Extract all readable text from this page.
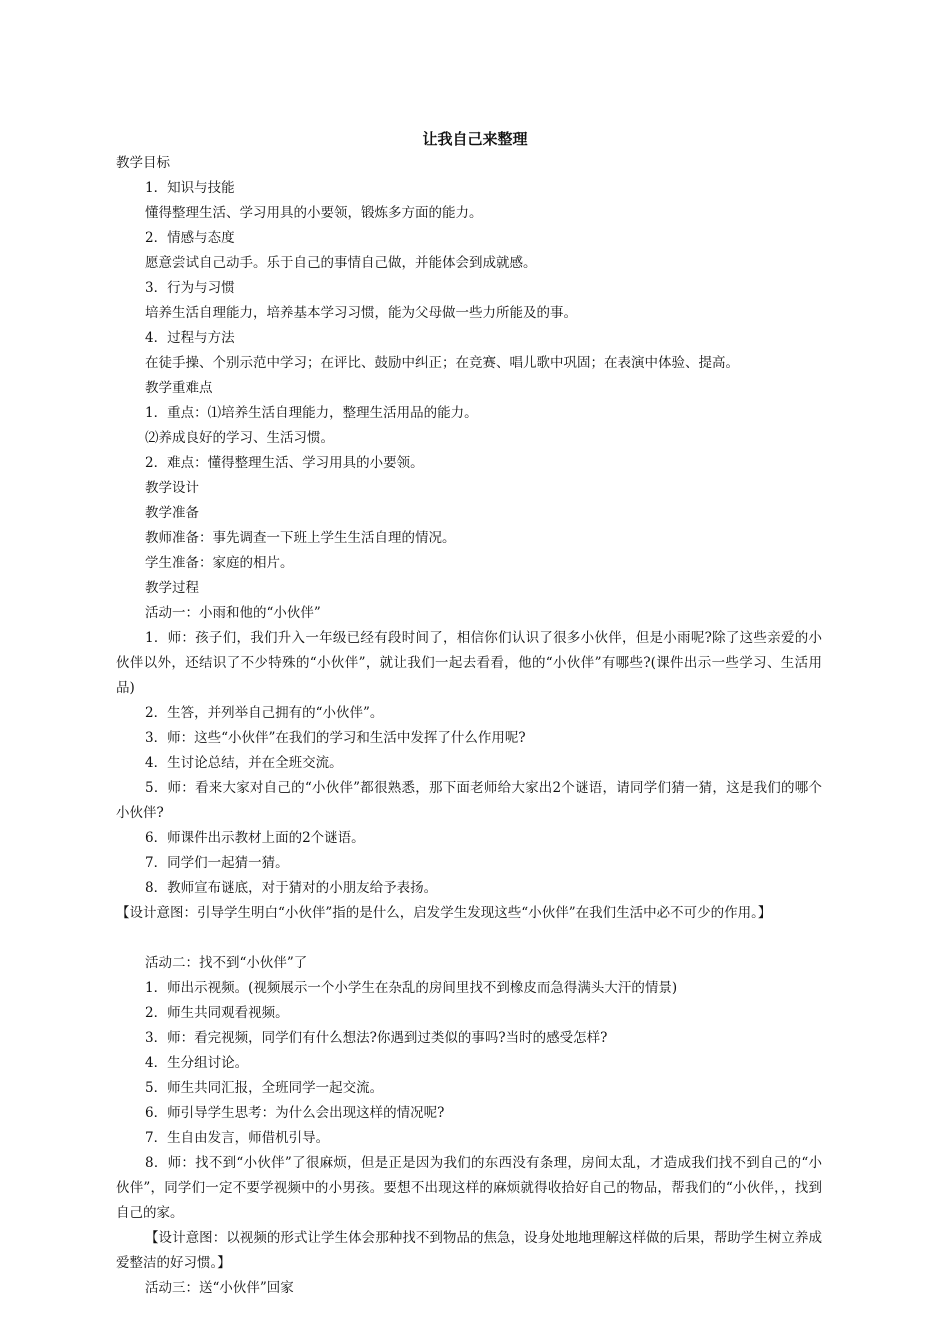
让我自己来整理
教学目标
1．知识与技能
懂得整理生活、学习用具的小要领，锻炼多方面的能力。
2．情感与态度
愿意尝试自己动手。乐于自己的事情自己做，并能体会到成就感。
3．行为与习惯
培养生活自理能力，培养基本学习习惯，能为父母做一些力所能及的事。
4．过程与方法
在徒手操、个别示范中学习；在评比、鼓励中纠正；在竞赛、唱儿歌中巩固；在表演中体验、提高。
教学重难点
1．重点：⑴培养生活自理能力，整理生活用品的能力。
⑵养成良好的学习、生活习惯。
2．难点：懂得整理生活、学习用具的小要领。
教学设计
教学准备
教师准备：事先调查一下班上学生生活自理的情况。
学生准备：家庭的相片。
教学过程
活动一：小雨和他的“小伙伴”
1．师：孩子们，我们升入一年级已经有段时间了，相信你们认识了很多小伙伴，但是小雨呢?除了这些亲爱的小伙伴以外，还结识了不少特殊的“小伙伴”，就让我们一起去看看，他的“小伙伴”有哪些?(课件出示一些学习、生活用品)
2．生答，并列举自己拥有的“小伙伴”。
3．师：这些“小伙伴”在我们的学习和生活中发挥了什么作用呢?
4．生讨论总结，并在全班交流。
5．师：看来大家对自己的“小伙伴”都很熟悉，那下面老师给大家出2个谜语，请同学们猜一猜，这是我们的哪个小伙伴?
6．师课件出示教材上面的2个谜语。
7．同学们一起猜一猜。
8．教师宣布谜底，对于猜对的小朋友给予表扬。
【设计意图：引导学生明白“小伙伴”指的是什么，启发学生发现这些“小伙伴”在我们生活中必不可少的作用。】
活动二：找不到“小伙伴”了
1．师出示视频。(视频展示一个小学生在杂乱的房间里找不到橡皮而急得满头大汗的情景)
2．师生共同观看视频。
3．师：看完视频，同学们有什么想法?你遇到过类似的事吗?当时的感受怎样?
4．生分组讨论。
5．师生共同汇报，全班同学一起交流。
6．师引导学生思考：为什么会出现这样的情况呢?
7．生自由发言，师借机引导。
8．师：找不到“小伙伴”了很麻烦，但是正是因为我们的东西没有条理，房间太乱，才造成我们找不到自己的“小伙伴”，同学们一定不要学视频中的小男孩。要想不出现这样的麻烦就得收拾好自己的物品，帮我们的“小伙伴，，找到自己的家。
【设计意图：以视频的形式让学生体会那种找不到物品的焦急，设身处地地理解这样做的后果，帮助学生树立养成爱整洁的好习惯。】
活动三：送“小伙伴”回家
